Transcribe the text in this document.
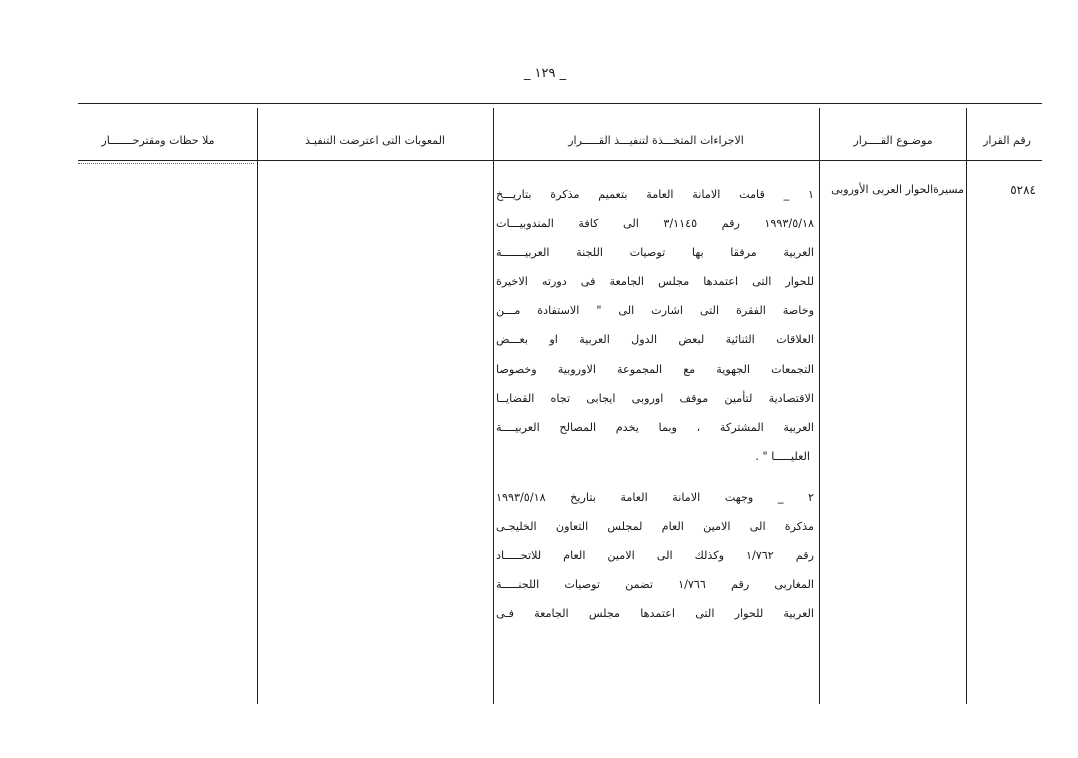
_ ١٢٩ _
رقم القرار
موضـوع القــــرار
الاجراءات المتخـــذة لتنفيـــذ القـــــرار
المعوبات التى اعترضت التنفيـذ
ملا حظات ومقترحـــــــار
٥٢٨٤
مسيرةالحوار العربى الأوروبى
١ _ قامت الامانة العامة بتعميم مذكرة بتاريـــخ
١٩٩٣/٥/١٨ رقم ٣/١١٤٥ الى كافة المندوبيـــات
العربية مرفقا بها توصيات اللجنة العربيـــــــة
للحوار التى اعتمدها مجلس الجامعة فى دورته الاخيرة
وخاصة الفقرة التى اشارت الى " الاستفادة مـــن
العلاقات الثنائية لبعض الدول العربية او بعـــض
التجمعات الجهوية مع المجموعة الاوروبية وخصوصا
الاقتصادية لتأمين موقف اوروبى ايجابى تجاه القضايــا
العربية المشتركة ، وبما يخدم المصالح العربيــــة
العليـــــا " .
٢ _ وجهت الامانة العامة بتاريخ ١٩٩٣/٥/١٨
مذكرة الى الامين العام لمجلس التعاون الخليجـى
رقم ١/٧٦٢ وكذلك الى الامين العام للاتحـــــاد
المغاربى رقم ١/٧٦٦ تضمن توصيات اللجنـــــة
العربية للحوار التى اعتمدها مجلس الجامعة فـى
